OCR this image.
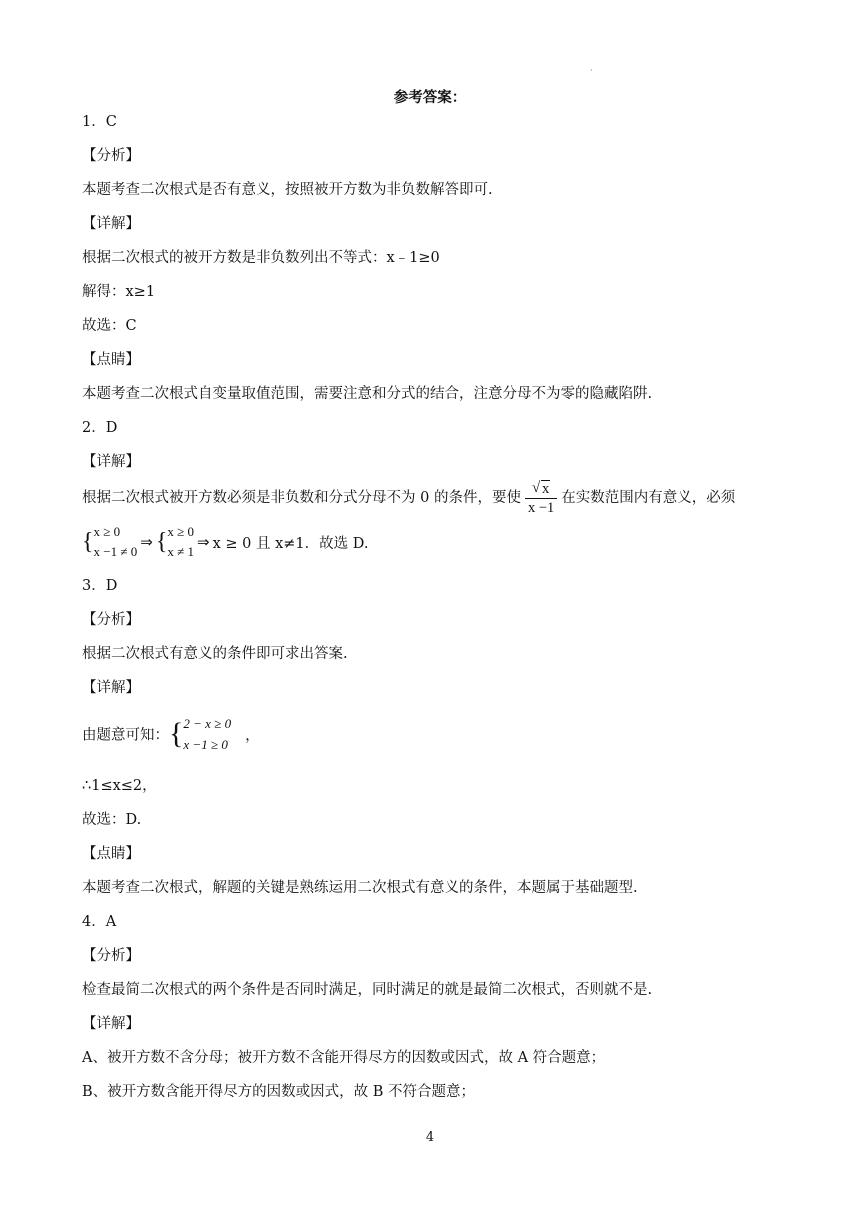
·
参考答案：
1．C
【分析】
本题考查二次根式是否有意义，按照被开方数为非负数解答即可.
【详解】
根据二次根式的被开方数是非负数列出不等式：x﹣1≥0
解得：x≥1
故选：C
【点睛】
本题考查二次根式自变量取值范围，需要注意和分式的结合，注意分母不为零的隐藏陷阱.
2．D
【详解】
根据二次根式被开方数必须是非负数和分式分母不为 0 的条件，要使 $\frac{√ x}{x -1}$ 在实数范围内有意义，必须
{ x ≥ 0
x −1 ≠ 0
⇒ { x ≥ 0
x ≠ 1
⇒ x ≥ 0 且 x≠1．故选 D.
3．D
【分析】
根据二次根式有意义的条件即可求出答案.
【详解】
由题意可知：{ 2 − x ≥ 0
x −1 ≥ 0
，
∴1≤x≤2，
故选：D.
【点睛】
本题考查二次根式，解题的关键是熟练运用二次根式有意义的条件，本题属于基础题型.
4．A
【分析】
检查最简二次根式的两个条件是否同时满足，同时满足的就是最简二次根式，否则就不是.
【详解】
A、被开方数不含分母；被开方数不含能开得尽方的因数或因式，故 A 符合题意；
B、被开方数含能开得尽方的因数或因式，故 B 不符合题意；
4
